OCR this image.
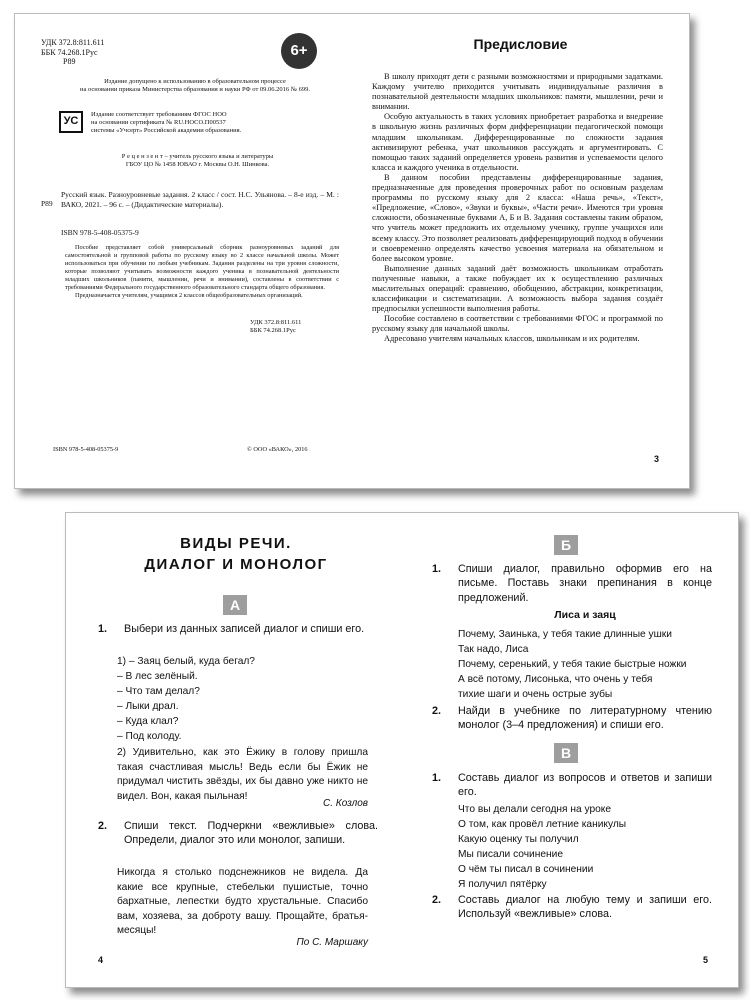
УДК 372.8:811.611

ББК 74.268.1Рус

Р89

6+

Издание допущено к использованию в образовательном процессе

на основании приказа Министерства образования и науки РФ от 09.06.2016 № 699.

УС

Издание соответствует требованиям ФГОС НОО

на основании сертификата № RU.НОСО.П00537

системы «Учсерт» Российской академии образования.

Р е ц е н з е н т – учитель русского языка и литературы

ГБОУ ЦО № 1458 ЮВАО г. Москвы О.Н. Шинкова.

Р89
Русский язык. Разноуровневые задания. 2 класс / сост. Н.С. Ульянова. – 8-е изд. – М. : ВАКО, 2021. – 96 с. – (Дидактические материалы).
ISBN 978-5-408-05375-9

Пособие представляет собой универсальный сборник разноуровневых заданий для самостоятельной и групповой работы по русскому языку во 2 классе начальной школы. Может использоваться при обучении по любым учебникам. Задания разделены на три уровня сложности, которые позволяют учитывать возможности каждого ученика в познавательной деятельности младших школьников (памяти, мышлении, речи и внимании), составлены в соответствии с требованиями Федерального государственного образовательного стандарта общего образования.

Предназначается учителям, учащимся 2 классов общеобразовательных организаций.

УДК 372.8:811.611

ББК 74.268.1Рус

ISBN 978-5-408-05375-9	© ООО «ВАКО», 2016
Предисловие

В школу приходят дети с разными возможностями и природными задатками. Каждому учителю приходится учитывать индивидуальные различия в познавательной деятельности младших школьников: памяти, мышлении, речи и внимании.

Особую актуальность в таких условиях приобретает разработка и внедрение в школьную жизнь различных форм дифференциации педагогической помощи младшим школьникам. Дифференцированные по сложности задания активизируют ребенка, учат школьников рассуждать и аргументировать. С помощью таких заданий определяется уровень развития и успеваемости целого класса и каждого ученика в отдельности.

В данном пособии представлены дифференцированные задания, предназначенные для проведения проверочных работ по основным разделам программы по русскому языку для 2 класса: «Наша речь», «Текст», «Предложение, «Слово», «Звуки и буквы», «Части речи». Имеются три уровня сложности, обозначенные буквами А, Б и В. Задания составлены таким образом, что учитель может предложить их отдельному ученику, группе учащихся или всему классу. Это позволяет реализовать дифференцирующий подход в обучении и своевременно определять качество усвоения материала на обязательном и более высоком уровне.

Выполнение данных заданий даёт возможность школьникам отработать полученные навыки, а также побуждает их к осуществлению различных мыслительных операций: сравнению, обобщению, абстракции, конкретизации, классификации и систематизации. А возможность выбора задания создаёт предпосылки успешности выполнения работы.

Пособие составлено в соответствии с требованиями ФГОС и программой по русскому языку для начальной школы.

Адресовано учителям начальных классов, школьникам и их родителям.

3
ВИДЫ РЕЧИ.
ДИАЛОГ И МОНОЛОГ
А
1. Выбери из данных записей диалог и спиши его.
1) – Заяц белый, куда бегал?
– В лес зелёный.
– Что там делал?
– Лыки драл.
– Куда клал?
– Под колоду.
2) Удивительно, как это Ёжику в голову пришла такая счастливая мысль! Ведь если бы Ёжик не придумал чистить звёзды, их бы давно уже никто не видел. Вон, какая пыльная!
С. Козлов
2. Спиши текст. Подчеркни «вежливые» слова. Определи, диалог это или монолог, запиши.
Никогда я столько подснежников не видела. Да какие все крупные, стебельки пушистые, точно бархатные, лепестки будто хрустальные. Спасибо вам, хозяева, за доброту вашу. Прощайте, братья-месяцы!
По С. Маршаку
4
Б
1. Спиши диалог, правильно оформив его на письме. Поставь знаки препинания в конце предложений.
Лиса и заяц
Почему, Заинька, у тебя такие длинные ушки
Так надо, Лиса
Почему, серенький, у тебя такие быстрые ножки
А всё потому, Лисонька, что очень у тебя
тихие шаги и очень острые зубы
2. Найди в учебнике по литературному чтению монолог (3–4 предложения) и спиши его.
В
1. Составь диалог из вопросов и ответов и запиши его.
Что вы делали сегодня на уроке
О том, как провёл летние каникулы
Какую оценку ты получил
Мы писали сочинение
О чём ты писал в сочинении
Я получил пятёрку
2. Составь диалог на любую тему и запиши его. Используй «вежливые» слова.
5
